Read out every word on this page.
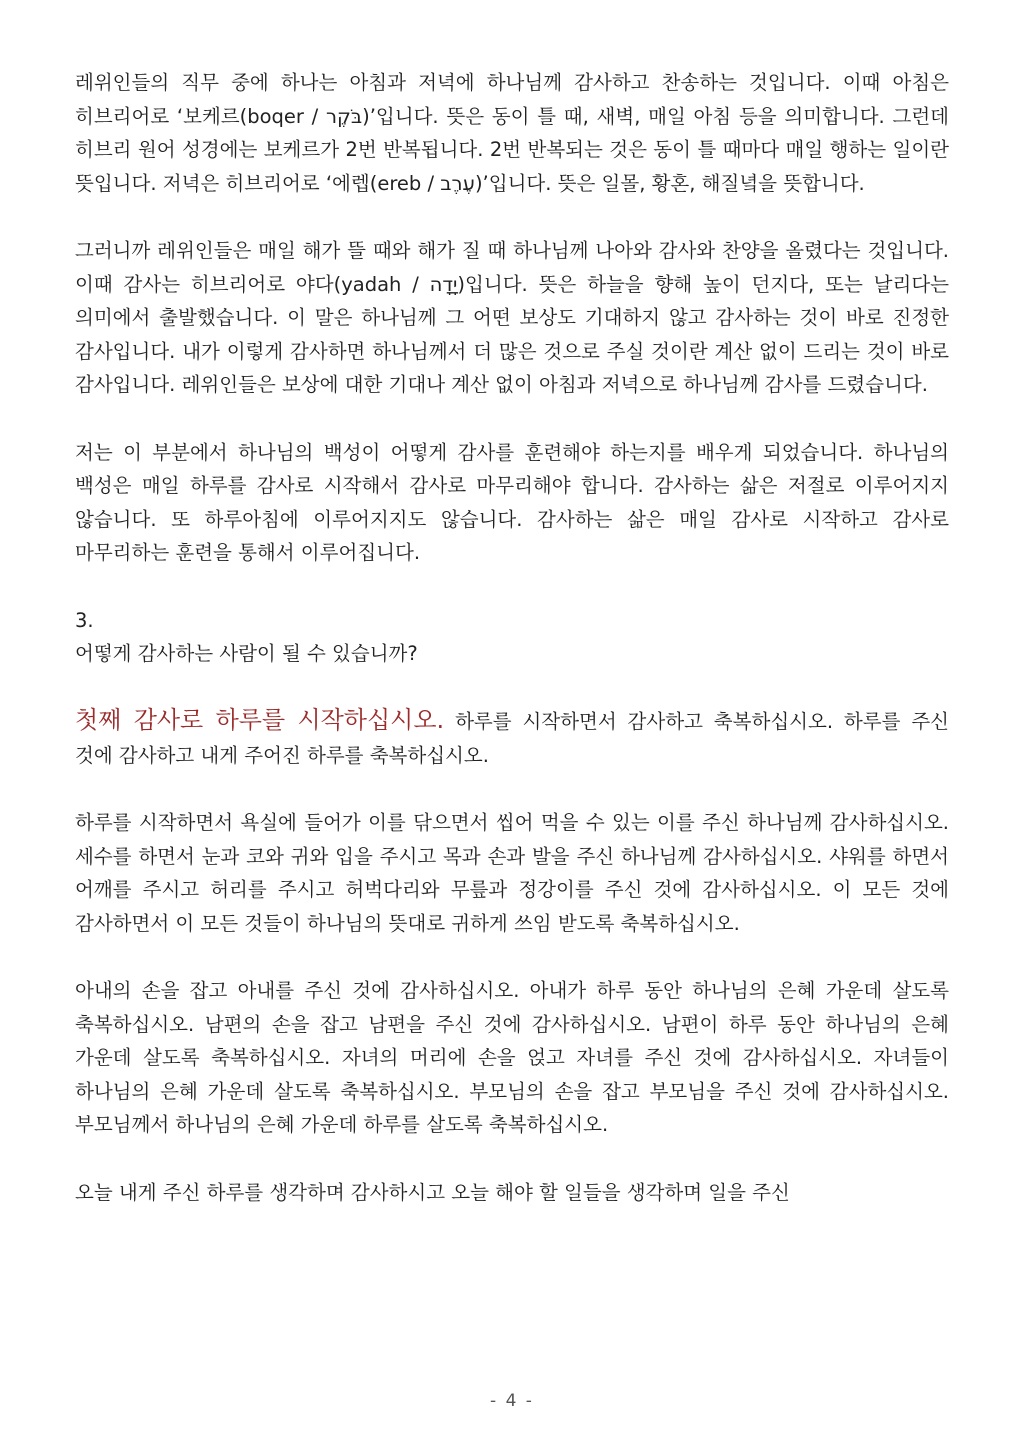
레위인들의 직무 중에 하나는 아침과 저녁에 하나님께 감사하고 찬송하는 것입니다. 이때 아침은 히브리어로 ‘보케르(boqer / בֹּקֶר)’입니다. 뜻은 동이 틀 때, 새벽, 매일 아침 등을 의미합니다. 그런데 히브리 원어 성경에는 보케르가 2번 반복됩니다. 2번 반복되는 것은 동이 틀 때마다 매일 행하는 일이란 뜻입니다. 저녁은 히브리어로 ‘에렙(ereb / עֶרֶב)’입니다. 뜻은 일몰, 황혼, 해질녘을 뜻합니다.

그러니까 레위인들은 매일 해가 뜰 때와 해가 질 때 하나님께 나아와 감사와 찬양을 올렸다는 것입니다. 이때 감사는 히브리어로 야다(yadah / יָדָה)입니다. 뜻은 하늘을 향해 높이 던지다, 또는 날리다는 의미에서 출발했습니다. 이 말은 하나님께 그 어떤 보상도 기대하지 않고 감사하는 것이 바로 진정한 감사입니다. 내가 이렇게 감사하면 하나님께서 더 많은 것으로 주실 것이란 계산 없이 드리는 것이 바로 감사입니다. 레위인들은 보상에 대한 기대나 계산 없이 아침과 저녁으로 하나님께 감사를 드렸습니다.

저는 이 부분에서 하나님의 백성이 어떻게 감사를 훈련해야 하는지를 배우게 되었습니다. 하나님의 백성은 매일 하루를 감사로 시작해서 감사로 마무리해야 합니다. 감사하는 삶은 저절로 이루어지지 않습니다. 또 하루아침에 이루어지지도 않습니다. 감사하는 삶은 매일 감사로 시작하고 감사로 마무리하는 훈련을 통해서 이루어집니다.

3.

어떻게 감사하는 사람이 될 수 있습니까?

첫째 감사로 하루를 시작하십시오. 하루를 시작하면서 감사하고 축복하십시오. 하루를 주신 것에 감사하고 내게 주어진 하루를 축복하십시오.

하루를 시작하면서 욕실에 들어가 이를 닦으면서 씹어 먹을 수 있는 이를 주신 하나님께 감사하십시오. 세수를 하면서 눈과 코와 귀와 입을 주시고 목과 손과 발을 주신 하나님께 감사하십시오. 샤워를 하면서 어깨를 주시고 허리를 주시고 허벅다리와 무릎과 정강이를 주신 것에 감사하십시오. 이 모든 것에 감사하면서 이 모든 것들이 하나님의 뜻대로 귀하게 쓰임 받도록 축복하십시오.

아내의 손을 잡고 아내를 주신 것에 감사하십시오. 아내가 하루 동안 하나님의 은혜 가운데 살도록 축복하십시오. 남편의 손을 잡고 남편을 주신 것에 감사하십시오. 남편이 하루 동안 하나님의 은혜 가운데 살도록 축복하십시오. 자녀의 머리에 손을 얹고 자녀를 주신 것에 감사하십시오. 자녀들이 하나님의 은혜 가운데 살도록 축복하십시오. 부모님의 손을 잡고 부모님을 주신 것에 감사하십시오. 부모님께서 하나님의 은혜 가운데 하루를 살도록 축복하십시오.

오늘 내게 주신 하루를 생각하며 감사하시고 오늘 해야 할 일들을 생각하며 일을 주신

- 4 -
